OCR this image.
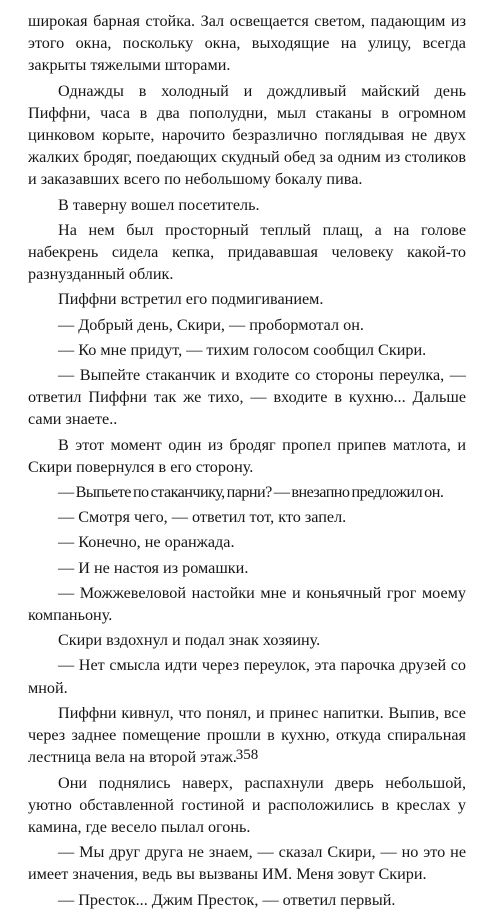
широкая барная стойка. Зал освещается светом, падающим из этого окна, поскольку окна, выходящие на улицу, всегда закрыты тяжелыми шторами.

Однажды в холодный и дождливый майский день Пиффни, часа в два пополудни, мыл стаканы в огромном цинковом корыте, нарочито безразлично поглядывая не двух жалких бродяг, поедающих скудный обед за одним из столиков и заказавших всего по небольшому бокалу пива.

В таверну вошел посетитель.

На нем был просторный теплый плащ, а на голове набекрень сидела кепка, придававшая человеку какой-то разнузданный облик.

Пиффни встретил его подмигиванием.

— Добрый день, Скири, — пробормотал он.

— Ко мне придут, — тихим голосом сообщил Скири.

— Выпейте стаканчик и входите со стороны переулка, — ответил Пиффни так же тихо, — входите в кухню... Дальше сами знаете..

В этот момент один из бродяг пропел припев матлота, и Скири повернулся в его сторону.

— Выпьете по стаканчику, парни? — внезапно предложил он.

— Смотря чего, — ответил тот, кто запел.

— Конечно, не оранжада.

— И не настоя из ромашки.

— Можжевеловой настойки мне и коньячный грог моему компаньону.

Скири вздохнул и подал знак хозяину.

— Нет смысла идти через переулок, эта парочка друзей со мной.

Пиффни кивнул, что понял, и принес напитки. Выпив, все через заднее помещение прошли в кухню, откуда спиральная лестница вела на второй этаж.

Они поднялись наверх, распахнули дверь небольшой, уютно обставленной гостиной и расположились в креслах у камина, где весело пылал огонь.

— Мы друг друга не знаем, — сказал Скири, — но это не имеет значения, ведь вы вызваны ИМ. Меня зовут Скири.

— Престок... Джим Престок, — ответил первый.

358
